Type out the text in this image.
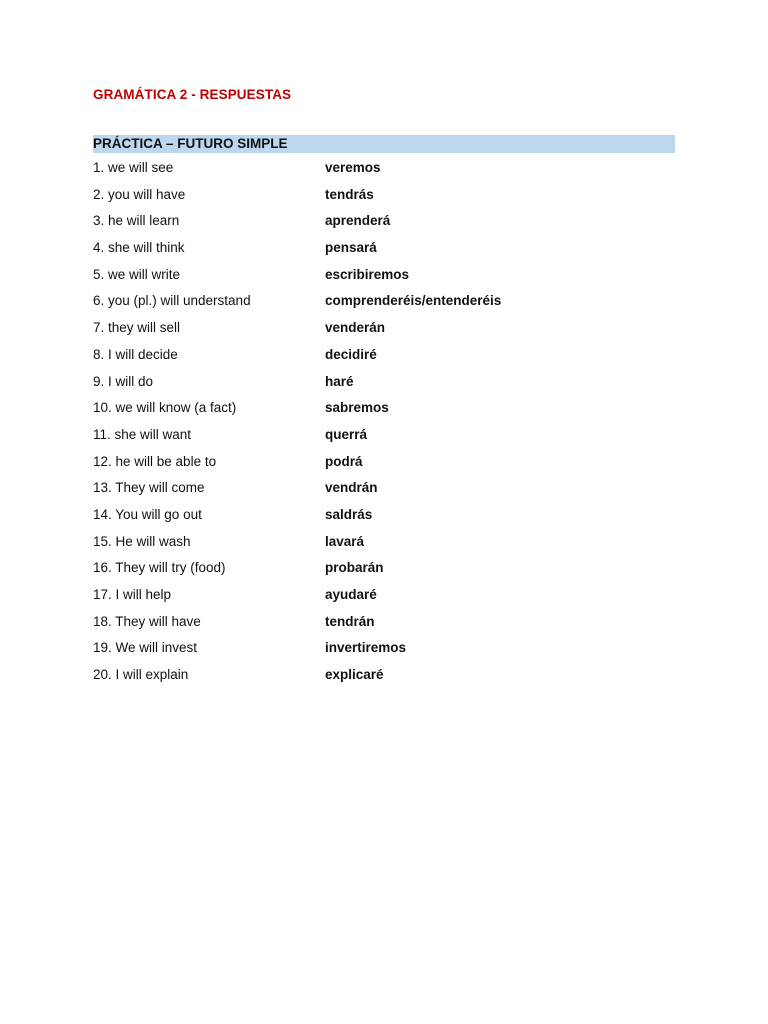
GRAMÁTICA 2 - RESPUESTAS
PRÁCTICA – FUTURO SIMPLE
1. we will see	veremos
2. you will have	tendrás
3. he will learn	aprenderá
4. she will think	pensará
5. we will write	escribiremos
6. you (pl.) will understand	comprenderéis/entenderéis
7. they will sell	venderán
8. I will decide	decidiré
9. I will do	haré
10. we will know (a fact)	sabremos
11. she will want	querrá
12. he will be able to	podrá
13. They will come	vendrán
14. You will go out	saldrás
15. He will wash	lavará
16. They will try (food)	probarán
17. I will help	ayudaré
18. They will have	tendrán
19. We will invest	invertiremos
20. I will explain	explicaré
